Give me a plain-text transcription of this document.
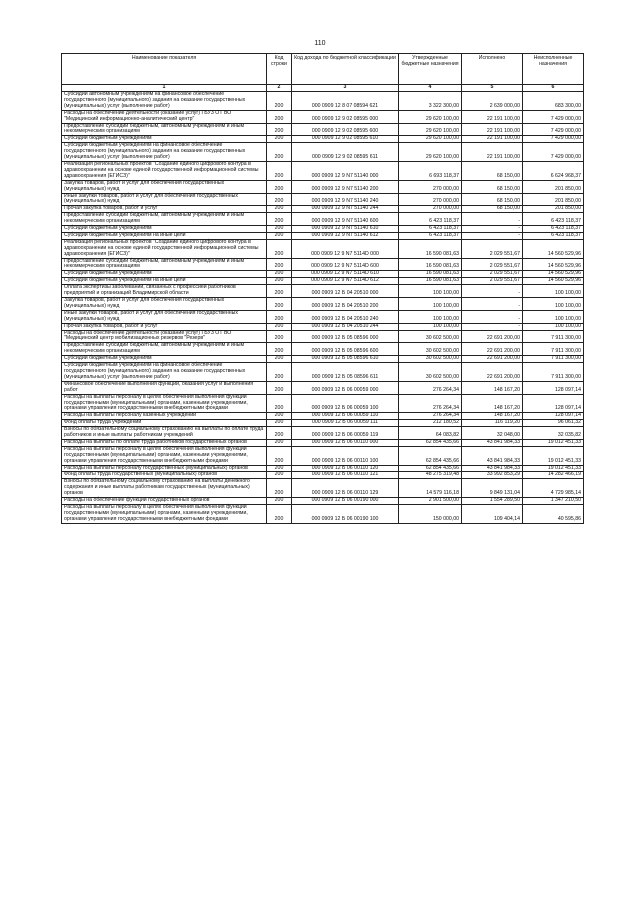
110
Наименование показателя	Код строки	Код дохода по бюджетной классификации	Утвержденные бюджетные назначения	Исполнено	Неисполненные назначения
1	2	3	4	5	6
Субсидии автономным учреждениям на финансовое обеспечение государственного (муниципального) задания на оказание государственных (муниципальных) услуг (выполнение работ)	200	000 0909 12 8 07 08594 621	3 322 300,00	2 639 000,00	683 300,00
Расходы на обеспечение деятельности (оказание услуг) ГБУЗ ОТ ВО "Медицинский информационно-аналитический центр"	200	000 0909 12 9 02 08595 000	29 620 100,00	22 191 100,00	7 429 000,00
Предоставление субсидий бюджетным, автономным учреждениям и иным некоммерческим организациям	200	000 0909 12 9 02 08595 600	29 620 100,00	22 191 100,00	7 429 000,00
Субсидии бюджетным учреждениям	200	000 0909 12 9 02 08595 610	29 620 100,00	22 191 100,00	7 429 000,00
Субсидии бюджетным учреждениям на финансовое обеспечение государственного (муниципального) задания на оказание государственных (муниципальных) услуг (выполнение работ)	200	000 0909 12 9 02 08595 611	29 620 100,00	22 191 100,00	7 429 000,00
Реализация региональных проектов "Создание единого цифрового контура в здравоохранении на основе единой государственной информационной системы здравоохранения (ЕГИСЗ)"	200	000 0909 12 9 N7 51140 000	6 693 118,37	68 150,00	6 624 968,37
Закупка товаров, работ и услуг для обеспечения государственных (муниципальных) нужд	200	000 0909 12 9 N7 51140 200	270 000,00	68 150,00	201 850,00
Иные закупки товаров, работ и услуг для обеспечения государственных (муниципальных) нужд	200	000 0909 12 9 N7 51140 240	270 000,00	68 150,00	201 850,00
Прочая закупка товаров, работ и услуг	200	000 0909 12 9 N7 51140 244	270 000,00	68 150,00	201 850,00
Предоставление субсидий бюджетным, автономным учреждениям и иным некоммерческим организациям	200	000 0909 12 9 N7 51140 600	6 423 118,37	-	6 423 118,37
Субсидии бюджетным учреждениям	200	000 0909 12 9 N7 51140 610	6 423 118,37	-	6 423 118,37
Субсидии бюджетным учреждениям на иные цели	200	000 0909 12 9 N7 51140 612	6 423 118,37	-	6 423 118,37
Реализация региональных проектов "Создание единого цифрового контура в здравоохранении на основе единой государственной информационной системы здравоохранения (ЕГИСЗ)"	200	000 0909 12 9 N7 5114D 000	16 590 081,63	2 029 551,67	14 560 529,96
Предоставление субсидий бюджетным, автономным учреждениям и иным некоммерческим организациям	200	000 0909 12 9 N7 5114D 600	16 590 081,63	2 029 551,67	14 560 529,96
Субсидии бюджетным учреждениям	200	000 0909 12 9 N7 5114D 610	16 590 081,63	2 029 551,67	14 560 529,96
Субсидии бюджетным учреждениям на иные цели	200	000 0909 12 9 N7 5114D 612	16 590 081,63	2 029 551,67	14 560 529,96
Оплата экспертизы заболеваний, связанных с профессией работников предприятий и организаций Владимирской области	200	000 0909 12 Б 04 20510 000	100 100,00	-	100 100,00
Закупка товаров, работ и услуг для обеспечения государственных (муниципальных) нужд	200	000 0909 12 Б 04 20510 200	100 100,00	-	100 100,00
Иные закупки товаров, работ и услуг для обеспечения государственных (муниципальных) нужд	200	000 0909 12 Б 04 20510 240	100 100,00	-	100 100,00
Прочая закупка товаров, работ и услуг	200	000 0909 12 Б 04 20510 244	100 100,00	-	100 100,00
Расходы на обеспечение деятельности (оказание услуг) ГБУЗ ОТ ВО "Медицинский центр мобилизационных резервов "Резерв"	200	000 0909 12 Б 05 08596 000	30 602 500,00	22 691 200,00	7 911 300,00
Предоставление субсидий бюджетным, автономным учреждениям и иным некоммерческим организациям	200	000 0909 12 Б 05 08596 600	30 602 500,00	22 691 200,00	7 911 300,00
Субсидии бюджетным учреждениям	200	000 0909 12 Б 05 08596 610	30 602 500,00	22 691 200,00	7 911 300,00
Субсидии бюджетным учреждениям на финансовое обеспечение государственного (муниципального) задания на оказание государственных (муниципальных) услуг (выполнение работ)	200	000 0909 12 Б 05 08596 611	30 602 500,00	22 691 200,00	7 911 300,00
Финансовое обеспечение выполнения функций, оказания услуг и выполнения работ	200	000 0909 12 Б 06 00059 000	276 264,34	148 167,20	128 097,14
Расходы на выплаты персоналу в целях обеспечения выполнения функций государственными (муниципальными) органами, казенными учреждениями, органами управления государственными внебюджетными фондами	200	000 0909 12 Б 06 00059 100	276 264,34	148 167,20	128 097,14
Расходы на выплаты персоналу казенных учреждений	200	000 0909 12 Б 06 00059 110	276 264,34	148 167,20	128 097,14
Фонд оплаты труда учреждений	200	000 0909 12 Б 06 00059 111	212 180,52	116 119,20	96 061,32
Взносы по обязательному социальному страхованию на выплаты по оплате труда работников и иные выплаты работникам учреждений	200	000 0909 12 Б 06 00059 119	64 083,82	32 048,00	32 035,82
Расходы на выплаты по оплате труда работников государственных органов	200	000 0909 12 Б 06 00110 000	62 854 435,66	43 841 984,33	19 012 451,33
Расходы на выплаты персоналу в целях обеспечения выполнения функций государственными (муниципальными) органами, казенными учреждениями, органами управления государственными внебюджетными фондами	200	000 0909 12 Б 06 00110 100	62 854 435,66	43 841 984,33	19 012 451,33
Расходы на выплаты персоналу государственных (муниципальных) органов	200	000 0909 12 Б 06 00110 120	62 854 435,66	43 841 984,33	19 012 451,33
Фонд оплаты труда государственных (муниципальных) органов	200	000 0909 12 Б 06 00110 121	48 275 319,48	33 992 853,29	14 282 466,19
Взносы по обязательному социальному страхованию на выплаты денежного содержания и иные выплаты работникам государственных (муниципальных) органов	200	000 0909 12 Б 06 00110 129	14 579 116,18	9 849 131,04	4 729 985,14
Расходы на обеспечение функций государственных органов	200	000 0909 12 Б 06 00190 000	2 901 500,00	1 554 289,50	1 347 210,50
Расходы на выплаты персоналу в целях обеспечения выполнения функций государственными (муниципальными) органами, казенными учреждениями, органами управления государственными внебюджетными фондами	200	000 0909 12 Б 06 00190 100	150 000,00	109 404,14	40 595,86
